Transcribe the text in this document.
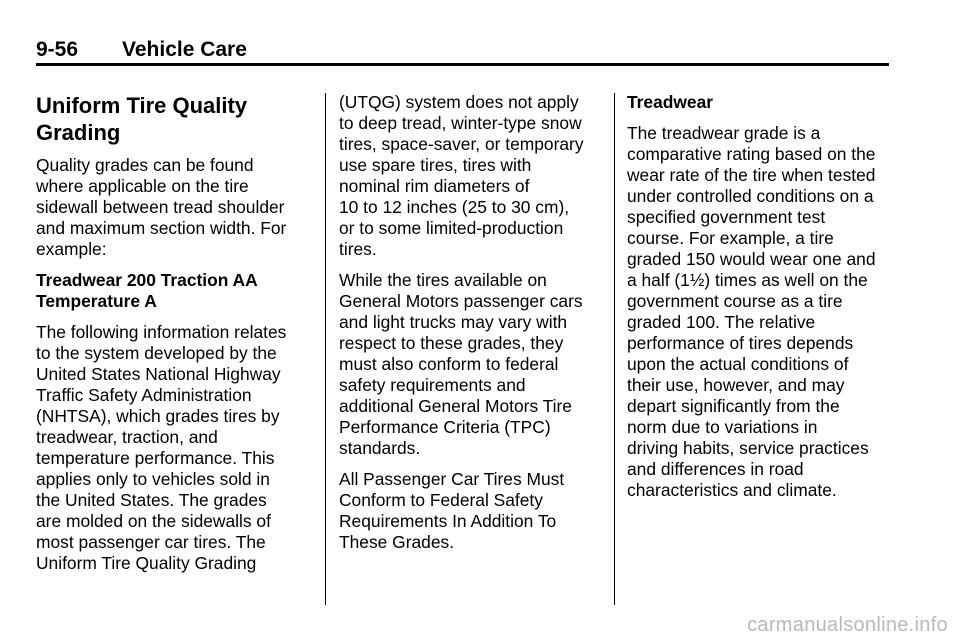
9-56 Vehicle Care
Uniform Tire Quality
Grading

Quality grades can be found
where applicable on the tire
sidewall between tread shoulder
and maximum section width. For
example:

Treadwear 200 Traction AA
Temperature A

The following information relates
to the system developed by the
United States National Highway
Traffic Safety Administration
(NHTSA), which grades tires by
treadwear, traction, and
temperature performance. This
applies only to vehicles sold in
the United States. The grades
are molded on the sidewalls of
most passenger car tires. The
Uniform Tire Quality Grading

(UTQG) system does not apply
to deep tread, winter-type snow
tires, space-saver, or temporary
use spare tires, tires with
nominal rim diameters of
10 to 12 inches (25 to 30 cm),
or to some limited-production
tires.

While the tires available on
General Motors passenger cars
and light trucks may vary with
respect to these grades, they
must also conform to federal
safety requirements and
additional General Motors Tire
Performance Criteria (TPC)
standards.

All Passenger Car Tires Must
Conform to Federal Safety
Requirements In Addition To
These Grades.

Treadwear

The treadwear grade is a
comparative rating based on the
wear rate of the tire when tested
under controlled conditions on a
specified government test
course. For example, a tire
graded 150 would wear one and
a half (1½) times as well on the
government course as a tire
graded 100. The relative
performance of tires depends
upon the actual conditions of
their use, however, and may
depart significantly from the
norm due to variations in
driving habits, service practices
and differences in road
characteristics and climate.

carmanualsonline.info
